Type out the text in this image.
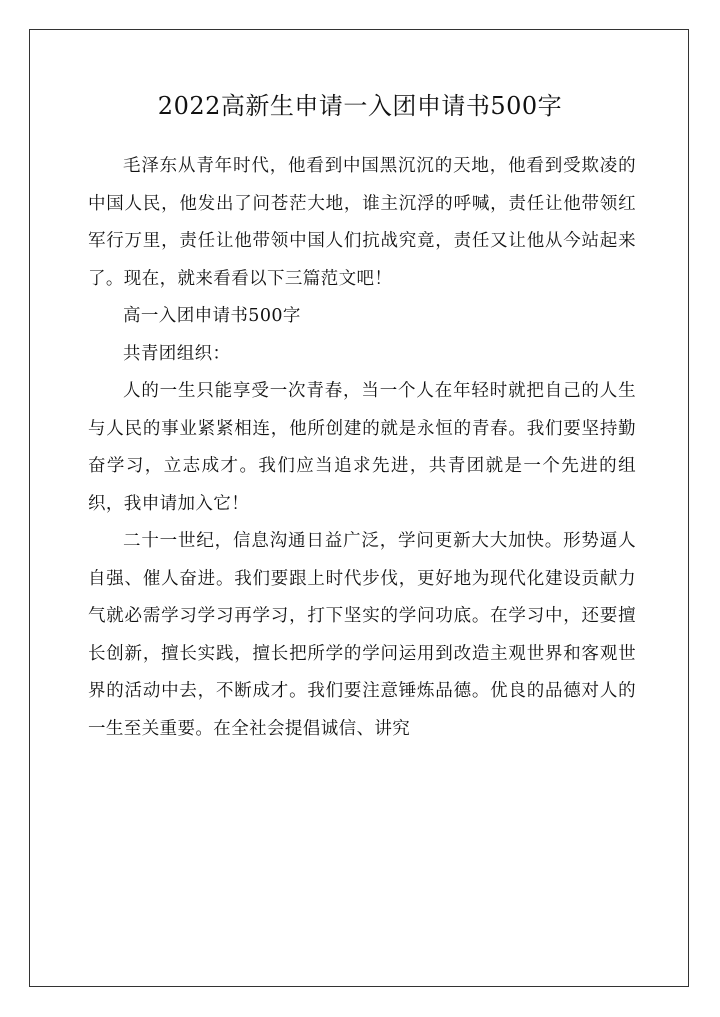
2022高新生申请一入团申请书500字

毛泽东从青年时代，他看到中国黑沉沉的天地，他看到受欺凌的中国人民，他发出了问苍茫大地，谁主沉浮的呼喊，责任让他带领红军行万里，责任让他带领中国人们抗战究竟，责任又让他从今站起来了。现在，就来看看以下三篇范文吧！

高一入团申请书500字

共青团组织：

人的一生只能享受一次青春，当一个人在年轻时就把自己的人生与人民的事业紧紧相连，他所创建的就是永恒的青春。我们要坚持勤奋学习，立志成才。我们应当追求先进，共青团就是一个先进的组织，我申请加入它！

二十一世纪，信息沟通日益广泛，学问更新大大加快。形势逼人自强、催人奋进。我们要跟上时代步伐，更好地为现代化建设贡献力气就必需学习学习再学习，打下坚实的学问功底。在学习中，还要擅长创新，擅长实践，擅长把所学的学问运用到改造主观世界和客观世界的活动中去，不断成才。我们要注意锤炼品德。优良的品德对人的一生至关重要。在全社会提倡诚信、讲究
